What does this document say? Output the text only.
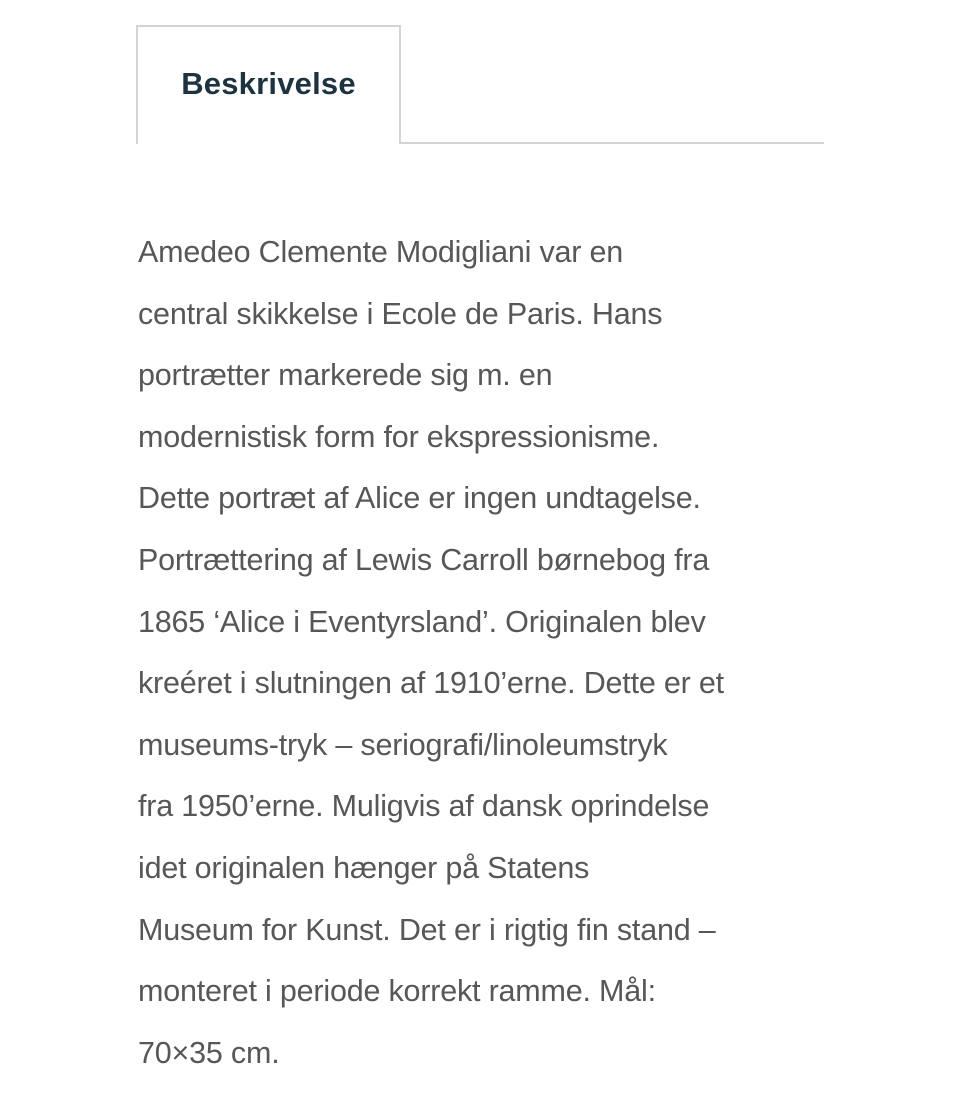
Beskrivelse
Amedeo Clemente Modigliani var en
central skikkelse i Ecole de Paris. Hans
portrætter markerede sig m. en
modernistisk form for ekspressionisme.
Dette portræt af Alice er ingen undtagelse.
Portrættering af Lewis Carroll børnebog fra
1865 ‘Alice i Eventyrsland’. Originalen blev
kreéret i slutningen af 1910’erne. Dette er et
museums-tryk – seriografi/linoleumstryk
fra 1950’erne. Muligvis af dansk oprindelse
idet originalen hænger på Statens
Museum for Kunst. Det er i rigtig fin stand –
monteret i periode korrekt ramme. Mål:
70×35 cm.
